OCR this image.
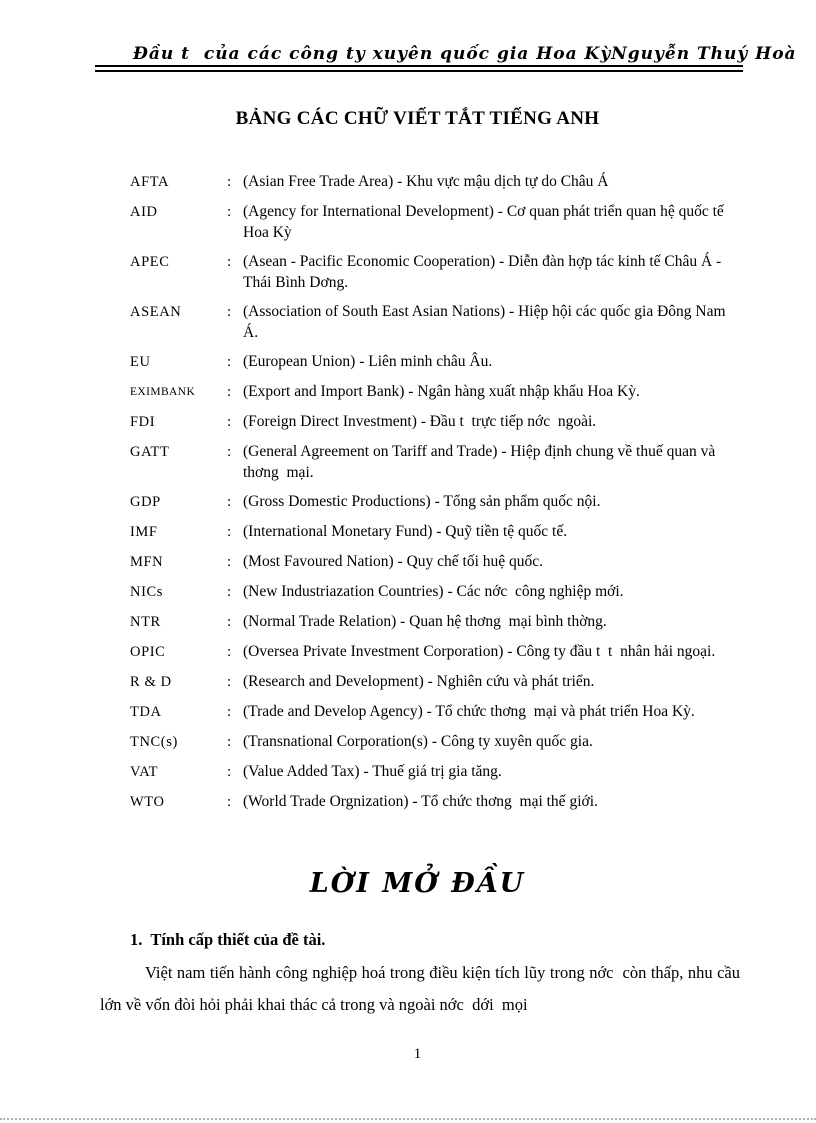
Đầu t  của các công ty xuyên quốc gia Hoa Kỳ Nguyễn Thuý Hoà
BẢNG CÁC CHỮ VIẾT TẮT TIẾNG ANH
AFTA	: (Asian Free Trade Area) - Khu vực mậu dịch tự do Châu Á
AID	: (Agency for International Development) - Cơ quan phát triển quan hệ quốc tế Hoa Kỳ
APEC	: (Asean - Pacific Economic Cooperation) - Diễn đàn hợp tác kinh tế Châu Á - Thái Bình Dơng.
ASEAN	: (Association of South East Asian Nations) - Hiệp hội các quốc gia Đông Nam Á.
EU	: (European Union) - Liên minh châu Âu.
EXIMBANK	: (Export and Import Bank) - Ngân hàng xuất nhập khẩu Hoa Kỳ.
FDI	: (Foreign Direct Investment) - Đầu t  trực tiếp nớc  ngoài.
GATT	: (General Agreement on Tariff and Trade) - Hiệp định chung về thuế quan và thơng  mại.
GDP	: (Gross Domestic Productions) - Tổng sản phẩm quốc nội.
IMF	: (International Monetary Fund) - Quỹ tiền tệ quốc tế.
MFN	: (Most Favoured Nation) - Quy chế tối huệ quốc.
NICs	: (New Industriazation Countries) - Các nớc  công nghiệp mới.
NTR	: (Normal Trade Relation) - Quan hệ thơng  mại bình thờng.
OPIC	: (Oversea Private Investment Corporation) - Công ty đầu t  t  nhân hải ngoại.
R & D	: (Research and Development) - Nghiên cứu và phát triển.
TDA	: (Trade and Develop Agency) - Tổ chức thơng  mại và phát triển Hoa Kỳ.
TNC(s)	: (Transnational Corporation(s) - Công ty xuyên quốc gia.
VAT	: (Value Added Tax) - Thuế giá trị gia tăng.
WTO	: (World Trade Orgnization) - Tổ chức thơng  mại thế giới.
LỜI MỞ ĐẦU
1.  Tính cấp thiết của đề tài.
Việt nam tiến hành công nghiệp hoá trong điều kiện tích lũy trong nớc  còn thấp, nhu cầu lớn về vốn đòi hỏi phải khai thác cả trong và ngoài nớc  dới  mọi
1
